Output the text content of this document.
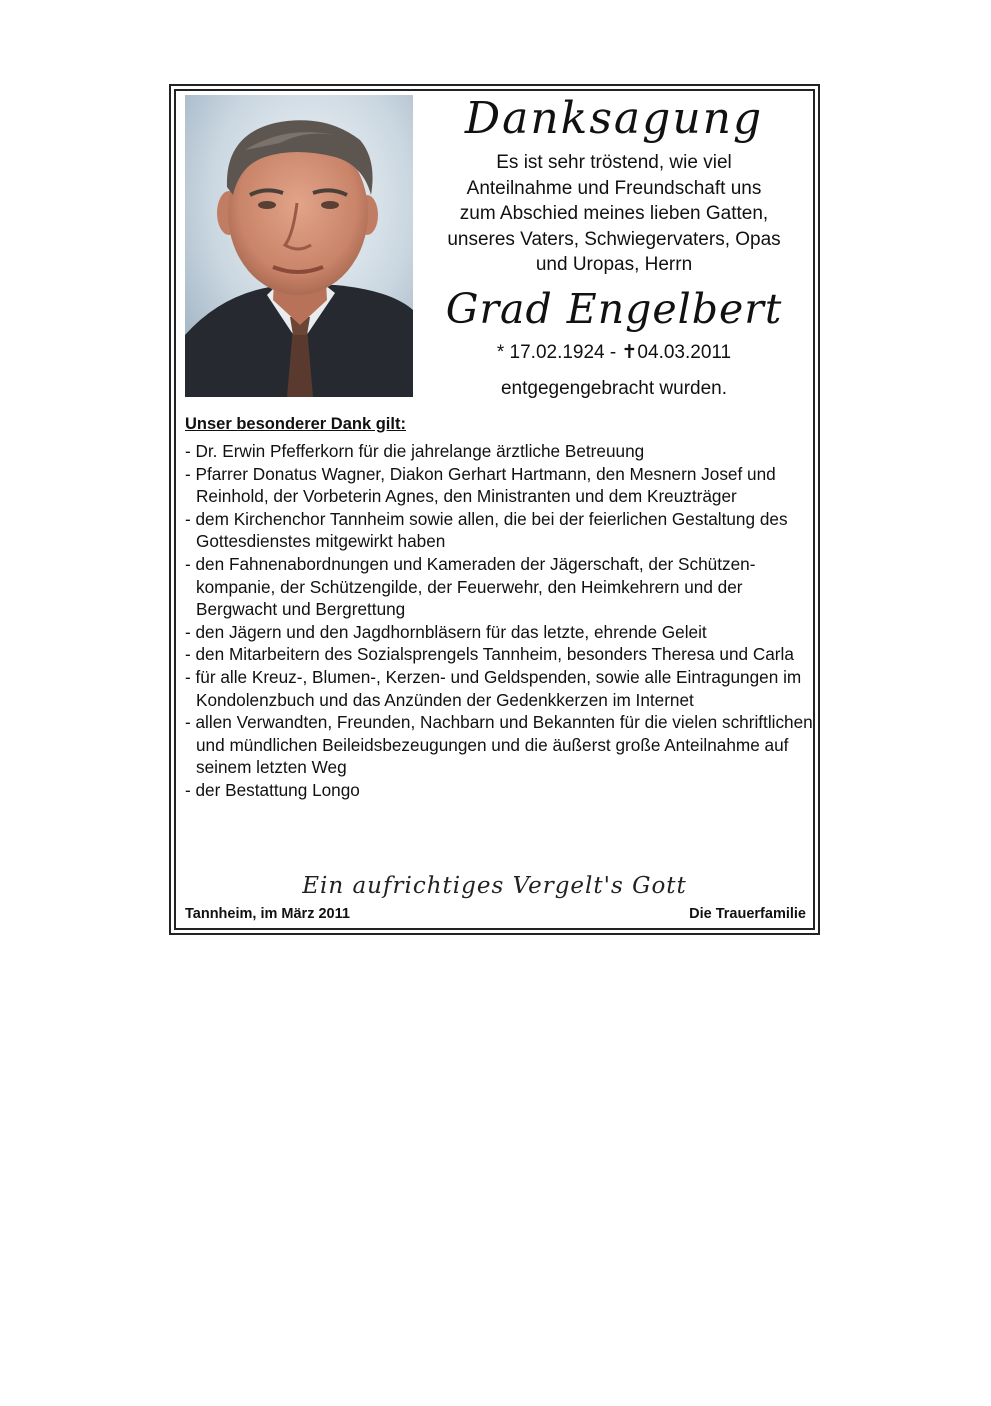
Danksagung

Es ist sehr tröstend, wie viel

Anteilnahme und Freundschaft uns

zum Abschied meines lieben Gatten,

unseres Vaters, Schwiegervaters, Opas

und Uropas, Herrn

Grad Engelbert

* 17.02.1924 - ✝04.03.2011

entgegengebracht wurden.

Unser besonderer Dank gilt:

- Dr. Erwin Pfefferkorn für die jahrelange ärztliche Betreuung
- Pfarrer Donatus Wagner, Diakon Gerhart Hartmann, den Mesnern Josef und Reinhold, der Vorbeterin Agnes, den Ministranten und dem Kreuzträger
- dem Kirchenchor Tannheim sowie allen, die bei der feierlichen Gestaltung des Gottesdienstes mitgewirkt haben
- den Fahnenabordnungen und Kameraden der Jägerschaft, der Schützen-kompanie, der Schützengilde, der Feuerwehr, den Heimkehrern und der Bergwacht und Bergrettung
- den Jägern und den Jagdhornbläsern für das letzte, ehrende Geleit
- den Mitarbeitern des Sozialsprengels Tannheim, besonders Theresa und Carla
- für alle Kreuz-, Blumen-, Kerzen- und Geldspenden, sowie alle Eintragungen im Kondolenzbuch und das Anzünden der Gedenkkerzen im Internet
- allen Verwandten, Freunden, Nachbarn und Bekannten für die vielen schriftlichen und mündlichen Beileidsbezeugungen und die äußerst große Anteilnahme auf seinem letzten Weg
- der Bestattung Longo

Ein aufrichtiges Vergelt's Gott

Tannheim, im März 2011	Die Trauerfamilie
